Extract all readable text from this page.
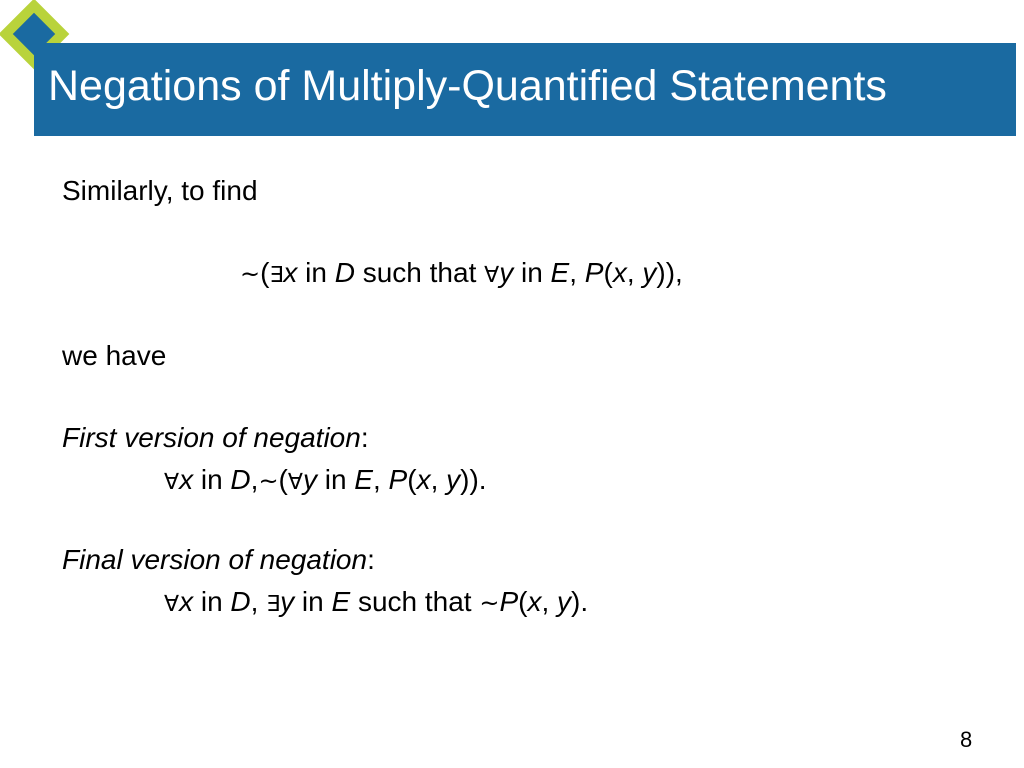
Negations of Multiply-Quantified Statements
Similarly, to find
~(∃x in D such that ∀y in E, P(x, y)),
we have
First version of negation:
∀x in D,~(∀y in E, P(x, y)).
Final version of negation:
∀x in D, ∃y in E such that ~P(x, y).
8
